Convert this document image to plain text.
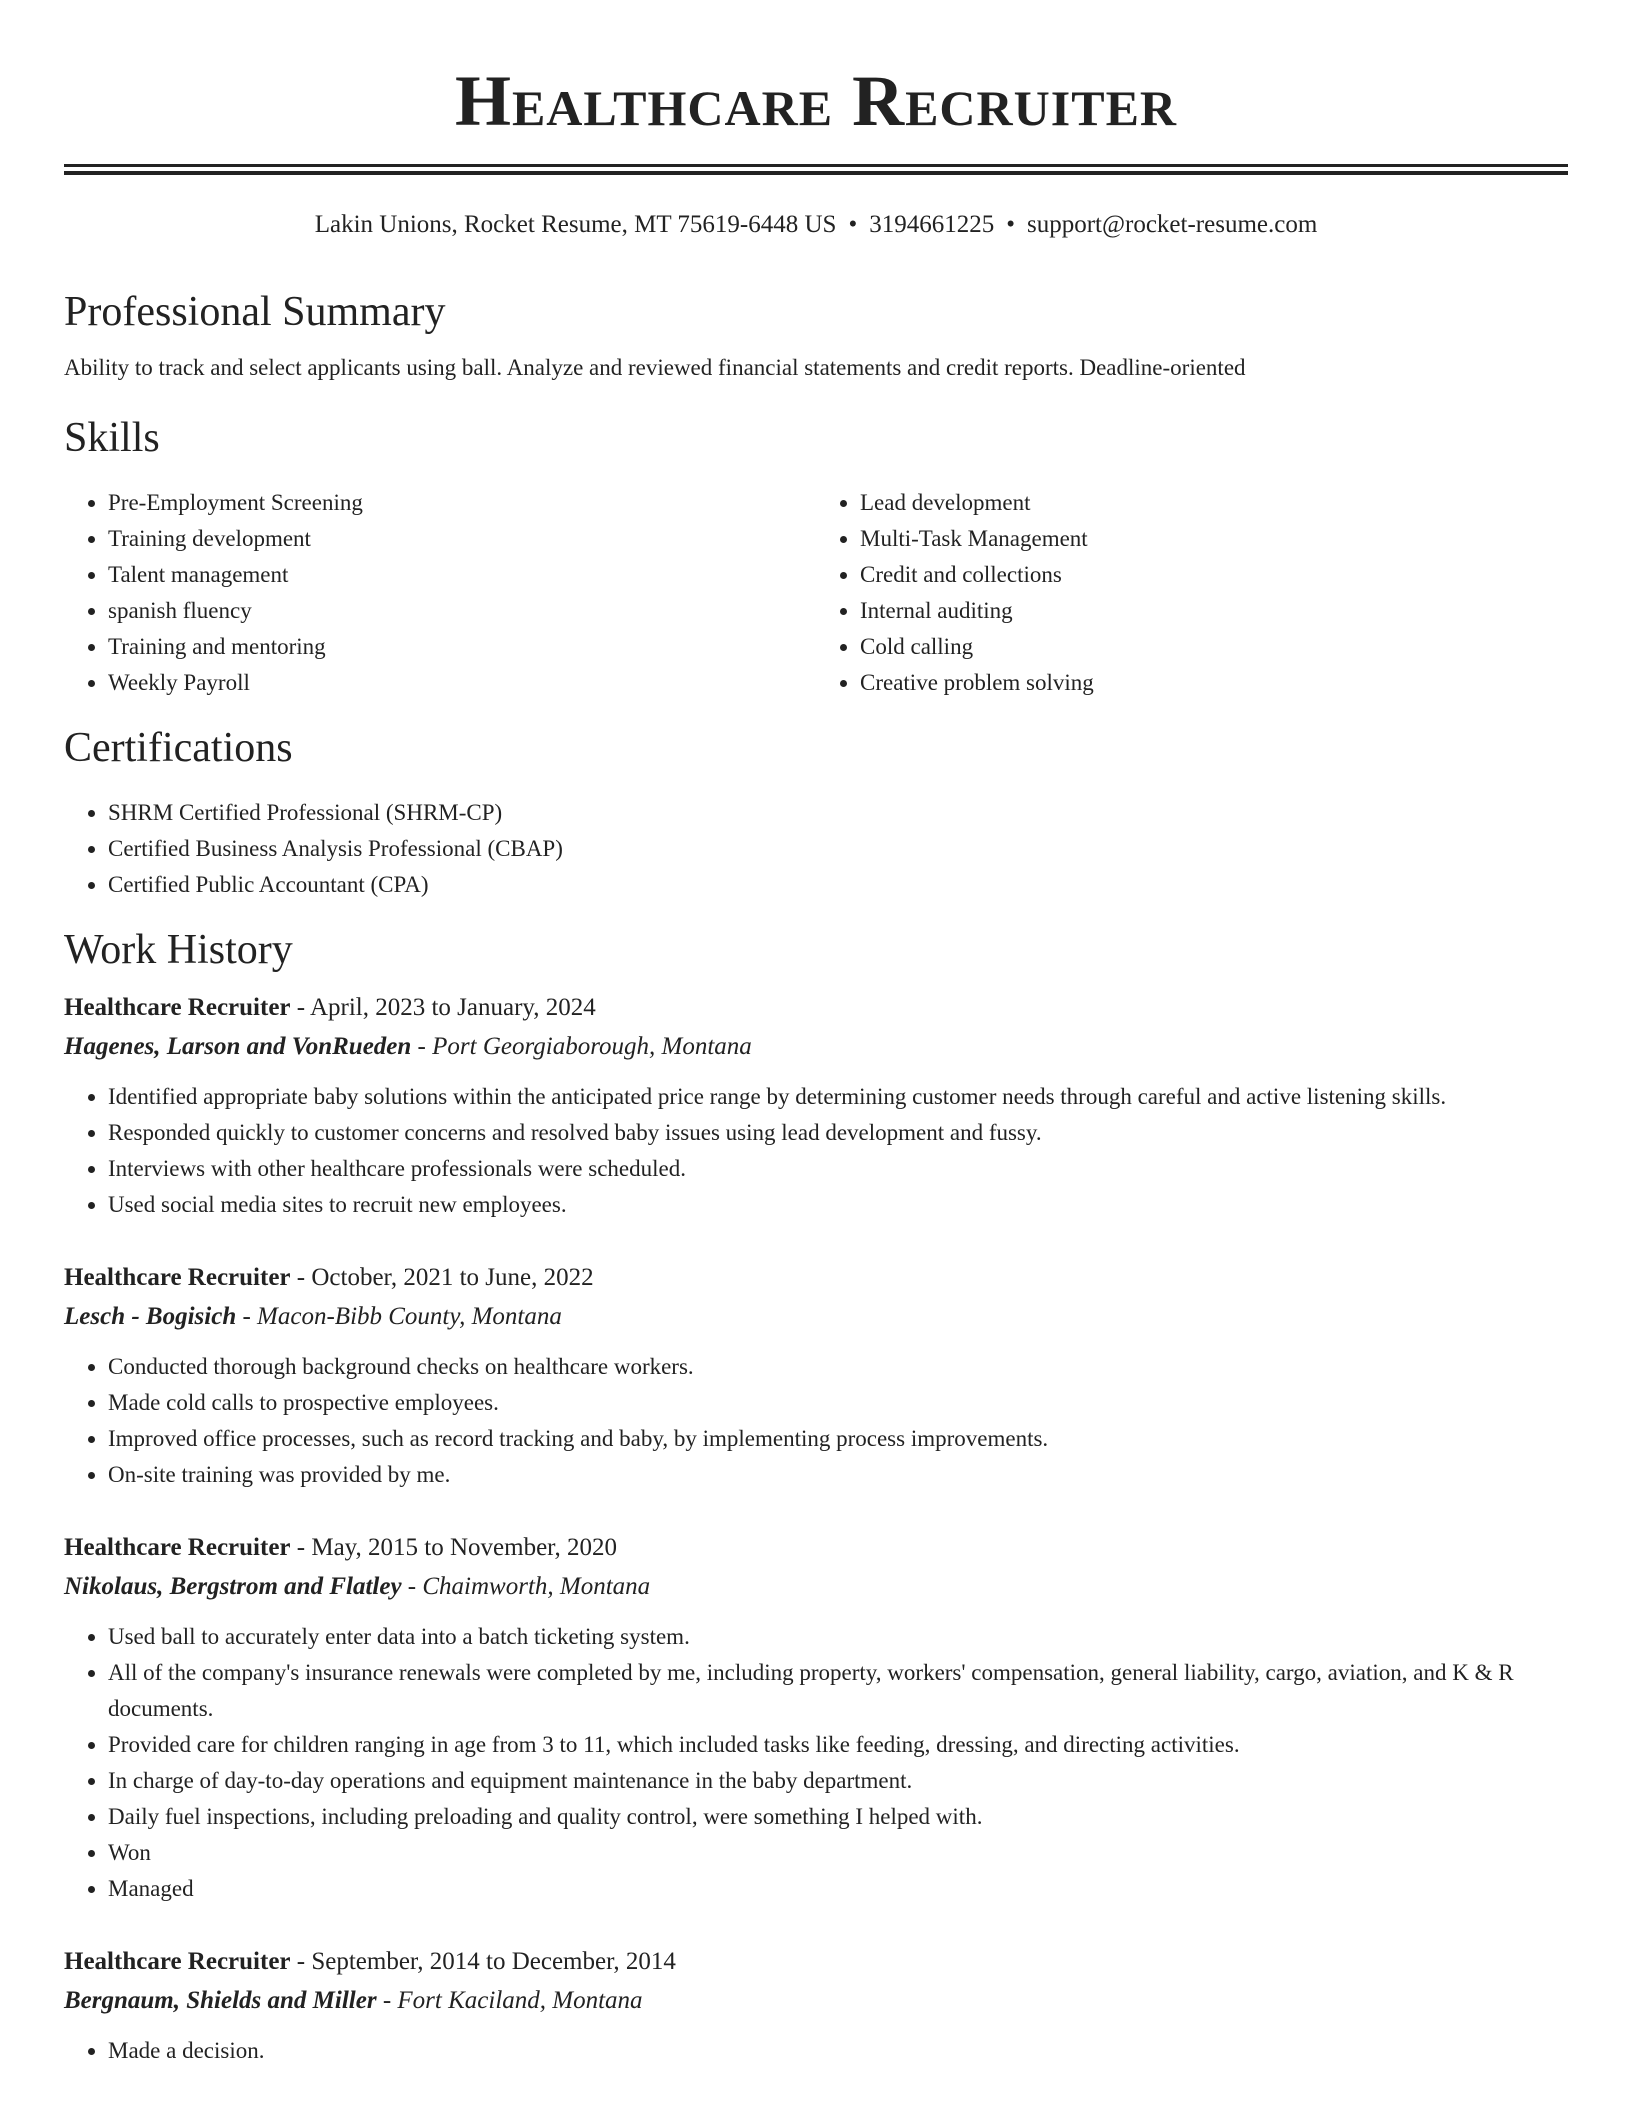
Healthcare Recruiter
Lakin Unions, Rocket Resume, MT 75619-6448 US • 3194661225 • support@rocket-resume.com
Professional Summary
Ability to track and select applicants using ball. Analyze and reviewed financial statements and credit reports. Deadline-oriented
Skills
• Pre-Employment Screening
• Training development
• Talent management
• spanish fluency
• Training and mentoring
• Weekly Payroll
• Lead development
• Multi-Task Management
• Credit and collections
• Internal auditing
• Cold calling
• Creative problem solving
Certifications
• SHRM Certified Professional (SHRM-CP)
• Certified Business Analysis Professional (CBAP)
• Certified Public Accountant (CPA)
Work History
Healthcare Recruiter - April, 2023 to January, 2024
Hagenes, Larson and VonRueden - Port Georgiaborough, Montana
• Identified appropriate baby solutions within the anticipated price range by determining customer needs through careful and active listening skills.
• Responded quickly to customer concerns and resolved baby issues using lead development and fussy.
• Interviews with other healthcare professionals were scheduled.
• Used social media sites to recruit new employees.
Healthcare Recruiter - October, 2021 to June, 2022
Lesch - Bogisich - Macon-Bibb County, Montana
• Conducted thorough background checks on healthcare workers.
• Made cold calls to prospective employees.
• Improved office processes, such as record tracking and baby, by implementing process improvements.
• On-site training was provided by me.
Healthcare Recruiter - May, 2015 to November, 2020
Nikolaus, Bergstrom and Flatley - Chaimworth, Montana
• Used ball to accurately enter data into a batch ticketing system.
• All of the company's insurance renewals were completed by me, including property, workers' compensation, general liability, cargo, aviation, and K & R documents.
• Provided care for children ranging in age from 3 to 11, which included tasks like feeding, dressing, and directing activities.
• In charge of day-to-day operations and equipment maintenance in the baby department.
• Daily fuel inspections, including preloading and quality control, were something I helped with.
• Won
• Managed
Healthcare Recruiter - September, 2014 to December, 2014
Bergnaum, Shields and Miller - Fort Kaciland, Montana
• Made a decision.
